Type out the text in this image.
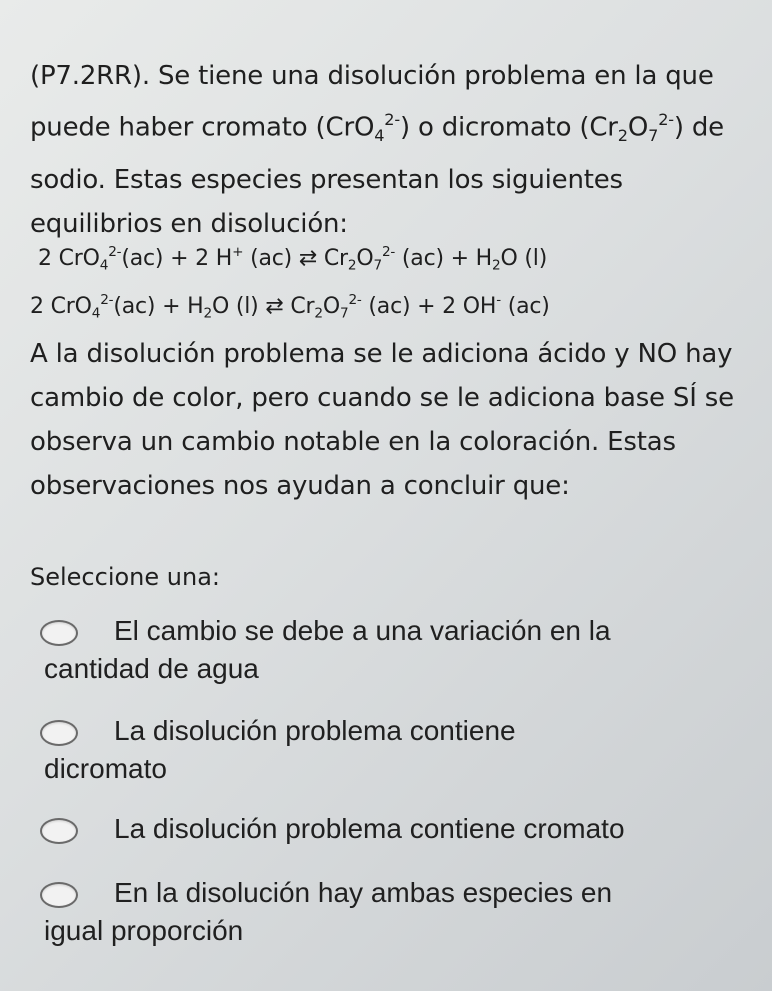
(P7.2RR). Se tiene una disolución problema en la que
puede haber cromato (CrO$_4^{2-}$) o dicromato $(Cr_2O_7^{2-})$ de
sodio. Estas especies presentan los siguientes
equilibrios en disolución:
2 CrO$_4^{2-}$(ac) + 2 H+ (ac) ⇄ $Cr_2O_7^{2-}$ $(ac) + H_2O$ (l)
2 $CrO_4^{2-}(ac) + H_2O$ (l) ⇄ $Cr_2O_7^{2-}$ (ac) + 2 OH- (ac)
A la disolución problema se le adiciona ácido y NO hay
cambio de color, pero cuando se le adiciona base SÍ se
observa un cambio notable en la coloración. Estas
observaciones nos ayudan a concluir que:
Seleccione una:
El cambio se debe a una variación en la
cantidad de agua
La disolución problema contiene
dicromato
La disolución problema contiene cromato
En la disolución hay ambas especies en
igual proporción
